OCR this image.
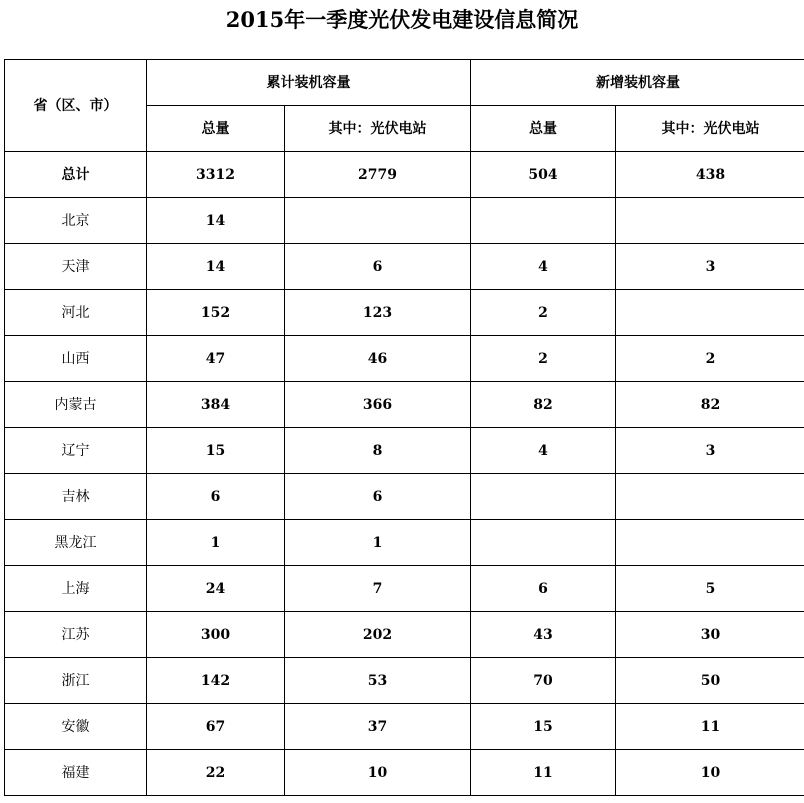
2015年一季度光伏发电建设信息简况
省（区、市）	累计装机容量		新增装机容量	
	总量	其中：光伏电站	总量	其中：光伏电站
总计	3312	2779	504	438
北京	14			
天津	14	6	4	3
河北	152	123	2	
山西	47	46	2	2
内蒙古	384	366	82	82
辽宁	15	8	4	3
吉林	6	6		
黑龙江	1	1		
上海	24	7	6	5
江苏	300	202	43	30
浙江	142	53	70	50
安徽	67	37	15	11
福建	22	10	11	10
